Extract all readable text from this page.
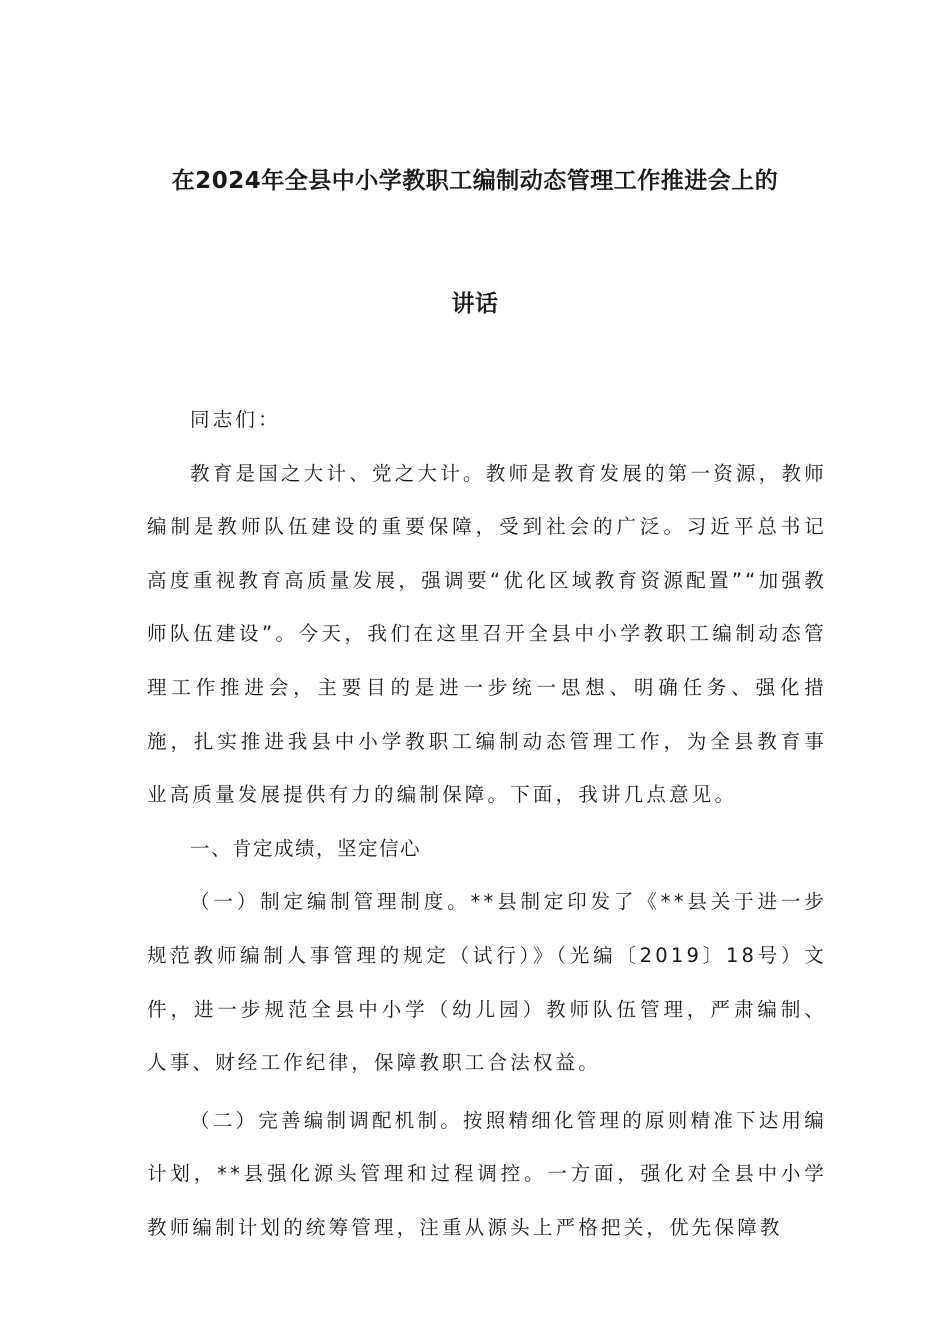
在2024年全县中小学教职工编制动态管理工作推进会上的
讲话

同志们：

教育是国之大计、党之大计。教师是教育发展的第一资源，教师编制是教师队伍建设的重要保障，受到社会的广泛。习近平总书记高度重视教育高质量发展，强调要“优化区域教育资源配置”“加强教师队伍建设”。今天，我们在这里召开全县中小学教职工编制动态管理工作推进会，主要目的是进一步统一思想、明确任务、强化措施，扎实推进我县中小学教职工编制动态管理工作，为全县教育事业高质量发展提供有力的编制保障。下面，我讲几点意见。

一、肯定成绩，坚定信心

（一）制定编制管理制度。**县制定印发了《**县关于进一步规范教师编制人事管理的规定（试行）》（光编〔2019〕18号）文件，进一步规范全县中小学（幼儿园）教师队伍管理，严肃编制、人事、财经工作纪律，保障教职工合法权益。

（二）完善编制调配机制。按照精细化管理的原则精准下达用编计划，**县强化源头管理和过程调控。一方面，强化对全县中小学教师编制计划的统筹管理，注重从源头上严格把关，优先保障教
